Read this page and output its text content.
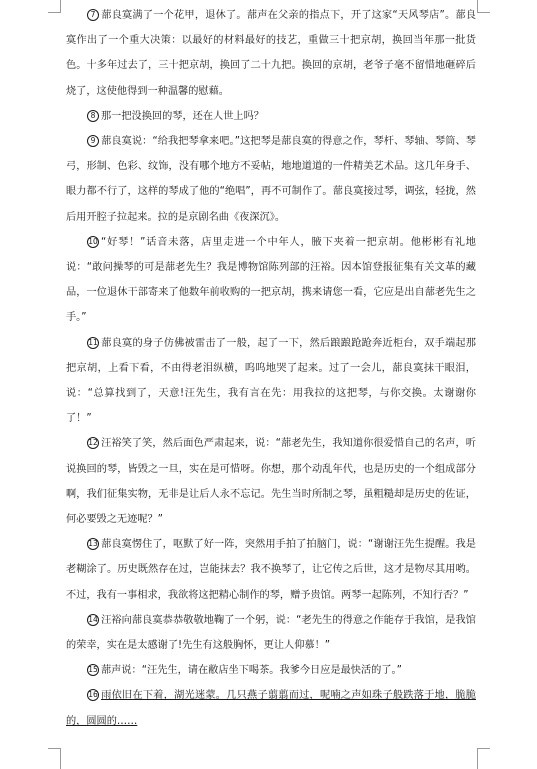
7 蔀良寞满了一个花甲，退休了。蔀声在父亲的指点下，开了这家“天风琴店”。蔀良寞作出了一个重大决策：以最好的材料最好的技艺，重做三十把京胡，换回当年那一批货色。十多年过去了，三十把京胡，换回了二十九把。换回的京胡，老爷子毫不留惜地砸碎后烧了，这使他得到一种温馨的慰藉。

8 那一把没换回的琴，还在人世上吗？

9 蔀良寞说：“给我把琴拿来吧。”这把琴是蔀良寞的得意之作，琴杆、琴轴、琴筒、琴弓，形制、色彩、纹饰，没有哪个地方不妥帖，地地道道的一件精美艺术品。这几年身手、眼力都不行了，这样的琴成了他的“绝唱”，再不可制作了。蔀良寞接过琴，调弦，轻拢，然后用开腔子拉起来。拉的是京剧名曲《夜深沉》。

10 “好琴！”话音未落，店里走进一个中年人，腋下夹着一把京胡。他彬彬有礼地说：“敢问操琴的可是蔀老先生？我是博物馆陈列部的汪裕。因本馆登报征集有关文革的藏品，一位退休干部寄来了他数年前收购的一把京胡，携来请您一看，它应是出自蔀老先生之手。”

11 蔀良寞的身子仿佛被雷击了一般，起了一下，然后踉踉跄跄奔近柜台，双手端起那把京胡，上看下看，不由得老泪纵横，呜呜地哭了起来。过了一会儿，蔀良寞抹干眼泪，说：“总算找到了，天意!汪先生，我有言在先：用我拉的这把琴，与你交换。太谢谢你了！”

12 汪裕笑了笑，然后面色严肃起来，说：“蔀老先生，我知道你很爱惜自己的名声，听说换回的琴，皆毁之一旦，实在是可惜呀。你想，那个动乱年代，也是历史的一个组成部分啊，我们征集实物，无非是让后人永不忘记。先生当时所制之琴，虽粗糙却是历史的佐证，何必要毁之无迹呢？”

13 蔀良寞愣住了，呕默了好一阵，突然用手拍了拍脑门，说：“谢谢汪先生提醒。我是老糊涂了。历史既然存在过，岂能抹去？我不换琴了，让它传之后世，这才是物尽其用哟。不过，我有一事相求，我欲将这把精心制作的琴，赠予贵馆。两琴一起陈列，不知行否？”

14 汪裕向蔀良寞恭恭敬敬地鞠了一个躬，说：“老先生的得意之作能存于我馆，是我馆的荣幸，实在是太感谢了!先生有这般胸怀，更让人仰慕！”

15 蔀声说：“汪先生，请在敝店坐下喝茶。我爹今日应是最快活的了。”

16 雨依旧在下着，湖光迷蒙。几只燕子翦翦而过，呢喃之声如珠子般跌落于地，脆脆的，圆圆的……
